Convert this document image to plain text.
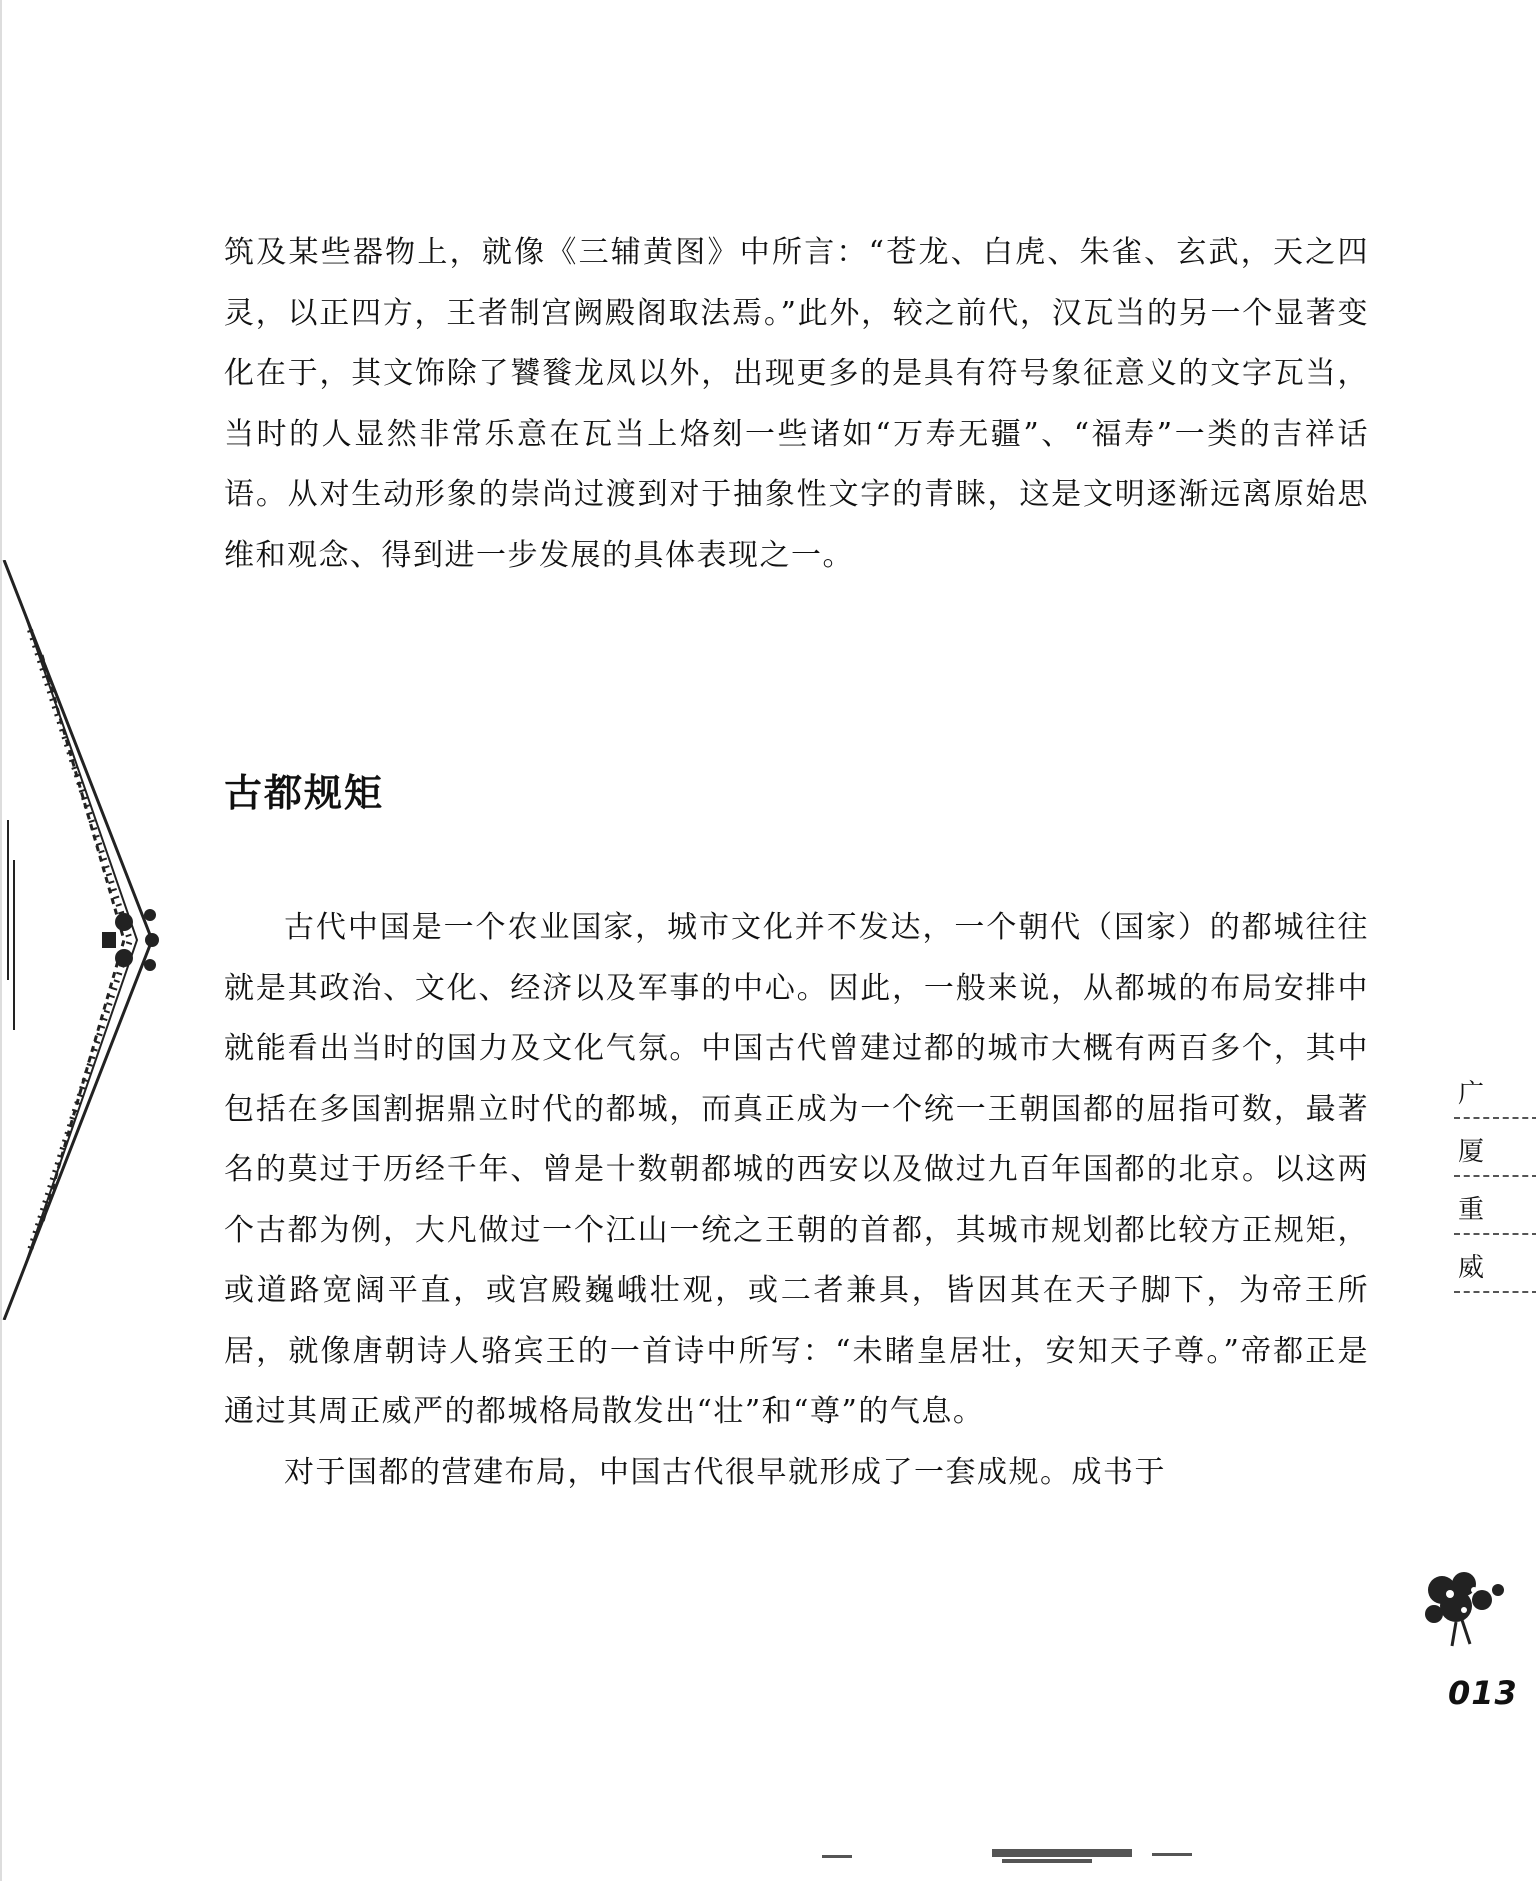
筑及某些器物上，就像《三辅黄图》中所言：“苍龙、白虎、朱雀、玄武，天之四灵，以正四方，王者制宫阙殿阁取法焉。”此外，较之前代，汉瓦当的另一个显著变化在于，其文饰除了饕餮龙凤以外，出现更多的是具有符号象征意义的文字瓦当，当时的人显然非常乐意在瓦当上烙刻一些诸如“万寿无疆”、“福寿”一类的吉祥话语。从对生动形象的崇尚过渡到对于抽象性文字的青睐，这是文明逐渐远离原始思维和观念、得到进一步发展的具体表现之一。

古都规矩

古代中国是一个农业国家，城市文化并不发达，一个朝代（国家）的都城往往就是其政治、文化、经济以及军事的中心。因此，一般来说，从都城的布局安排中就能看出当时的国力及文化气氛。中国古代曾建过都的城市大概有两百多个，其中包括在多国割据鼎立时代的都城，而真正成为一个统一王朝国都的屈指可数，最著名的莫过于历经千年、曾是十数朝都城的西安以及做过九百年国都的北京。以这两个古都为例，大凡做过一个江山一统之王朝的首都，其城市规划都比较方正规矩，或道路宽阔平直，或宫殿巍峨壮观，或二者兼具，皆因其在天子脚下，为帝王所居，就像唐朝诗人骆宾王的一首诗中所写：“未睹皇居壮，安知天子尊。”帝都正是通过其周正威严的都城格局散发出“壮”和“尊”的气息。

对于国都的营建布局，中国古代很早就形成了一套成规。成书于

广
厦
重
威
013
